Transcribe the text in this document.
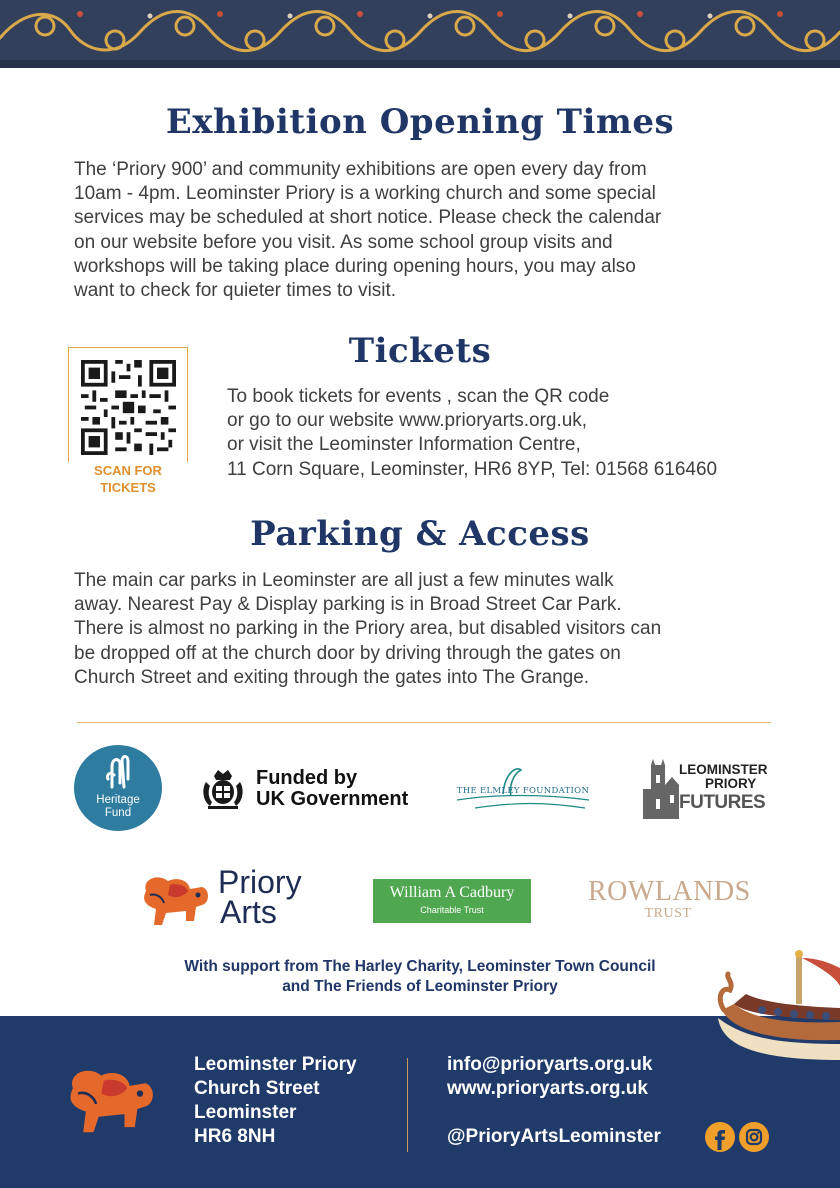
Exhibition Opening Times

The ‘Priory 900’ and community exhibitions are open every day from
10am - 4pm. Leominster Priory is a working church and some special
services may be scheduled at short notice. Please check the calendar
on our website before you visit. As some school group visits and
workshops will be taking place during opening hours, you may also
want to check for quieter times to visit.

SCAN FOR
TICKETS
Tickets

To book tickets for events , scan the QR code
or go to our website www.prioryarts.org.uk,
or visit the Leominster Information Centre,
11 Corn Square, Leominster, HR6 8YP, Tel: 01568 616460

Parking & Access

The main car parks in Leominster are all just a few minutes walk
away. Nearest Pay & Display parking is in Broad Street Car Park.
There is almost no parking in the Priory area, but disabled visitors can
be dropped off at the church door by driving through the gates on
Church Street and exiting through the gates into The Grange.

Heritage
Fund
Funded by
UK Government	THE ELMLEY FOUNDATION
LEOMINSTER
PRIORY
FUTURES
Priory
Arts
William A Cadbury
Charitable Trust
ROWLANDS
TRUST
With support from The Harley Charity, Leominster Town Council
and The Friends of Leominster Priory
Leominster Priory
Church Street
Leominster
HR6 8NH
info@prioryarts.org.uk
www.prioryarts.org.uk
@PrioryArtsLeominster
